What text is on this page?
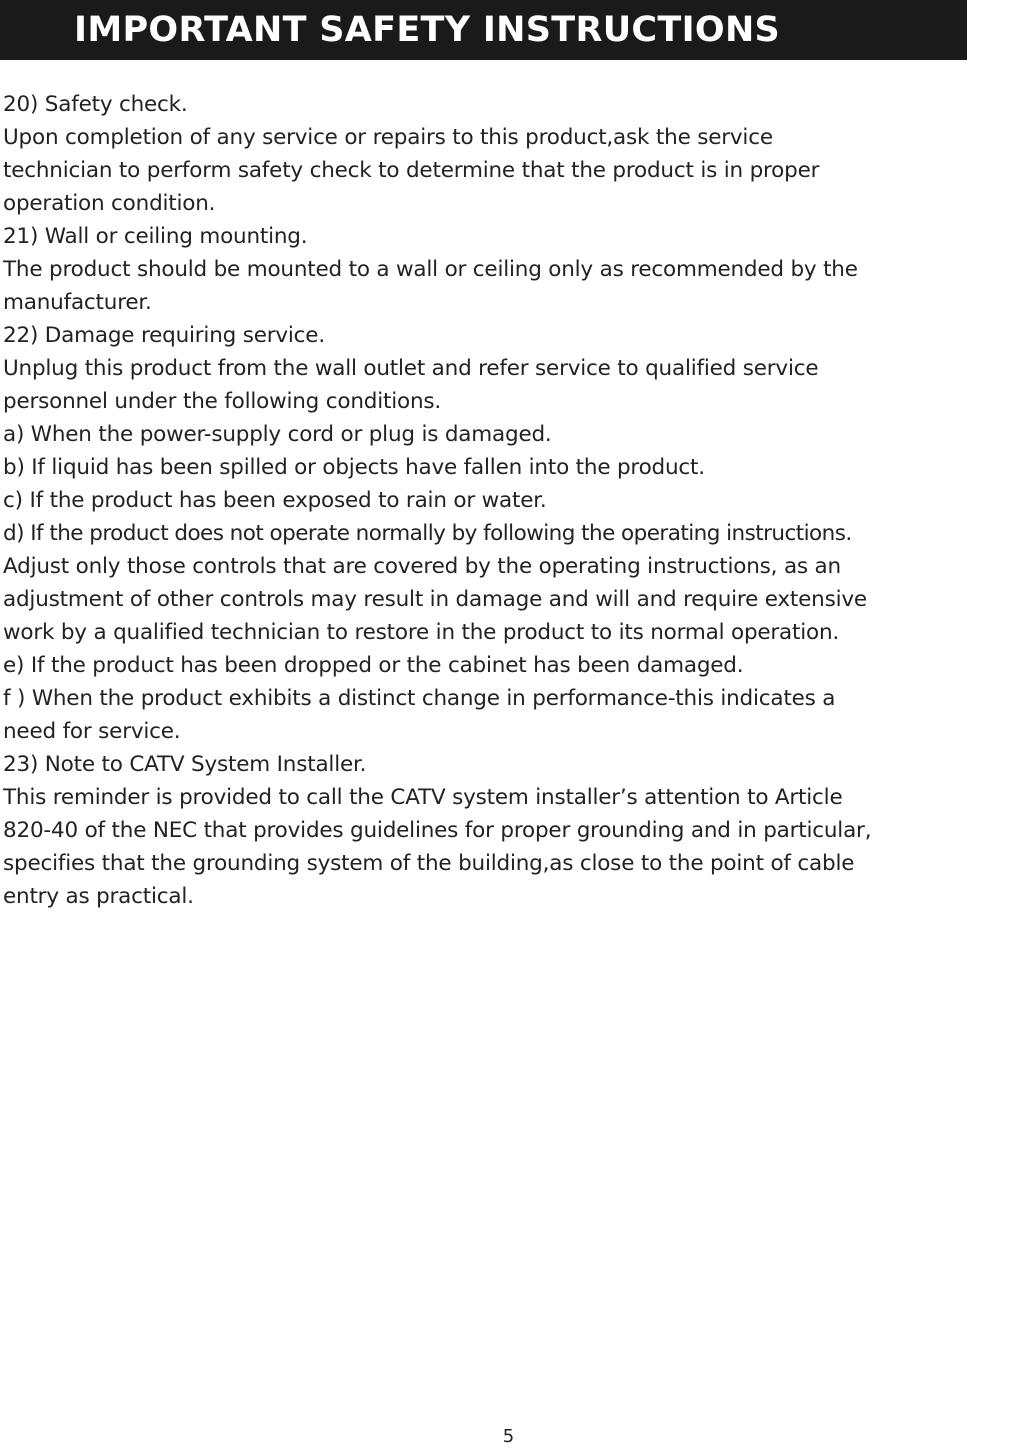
IMPORTANT SAFETY INSTRUCTIONS
20) Safety check.
Upon completion of any service or repairs to this product,ask the service
technician to perform safety check to determine that the product is in proper
operation condition.
21) Wall or ceiling mounting.
The product should be mounted to a wall or ceiling only as recommended by the
manufacturer.
22) Damage requiring service.
Unplug this product from the wall outlet and refer service to qualified service
personnel under the following conditions.
a) When the power-supply cord or plug is damaged.
b) If liquid has been spilled or objects have fallen into the product.
c) If the product has been exposed to rain or water.
d) If the product does not operate normally by following the operating instructions.
Adjust only those controls that are covered by the operating instructions, as an
adjustment of other controls may result in damage and will and require extensive
work by a qualified technician to restore in the product to its normal operation.
e) If the product has been dropped or the cabinet has been damaged.
f ) When the product exhibits a distinct change in performance-this indicates a
need for service.
23) Note to CATV System Installer.
This reminder is provided to call the CATV system installer’s attention to Article
820-40 of the NEC that provides guidelines for proper grounding and in particular,
specifies that the grounding system of the building,as close to the point of cable
entry as practical.
5
